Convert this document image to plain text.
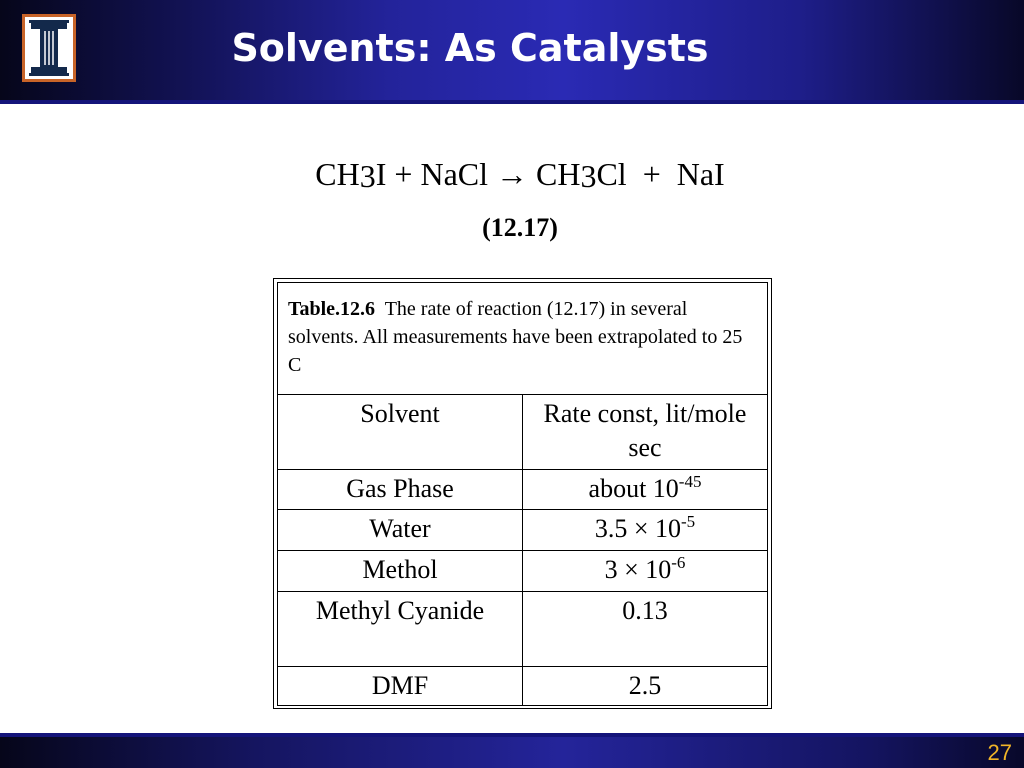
Solvents: As Catalysts
CH3I + NaCl → CH3Cl + NaI
(12.17)
Table.12.6 The rate of reaction (12.17) in several solvents. All measurements have been extrapolated to 25 C	
Solvent	Rate const, lit/mole sec
Gas Phase	about $10^{-45}$
Water	$3.5 \times 10^{-5}$
Methol	$3 \times 10^{-6}$
Methyl Cyanide	0.13
DMF	2.5
27
